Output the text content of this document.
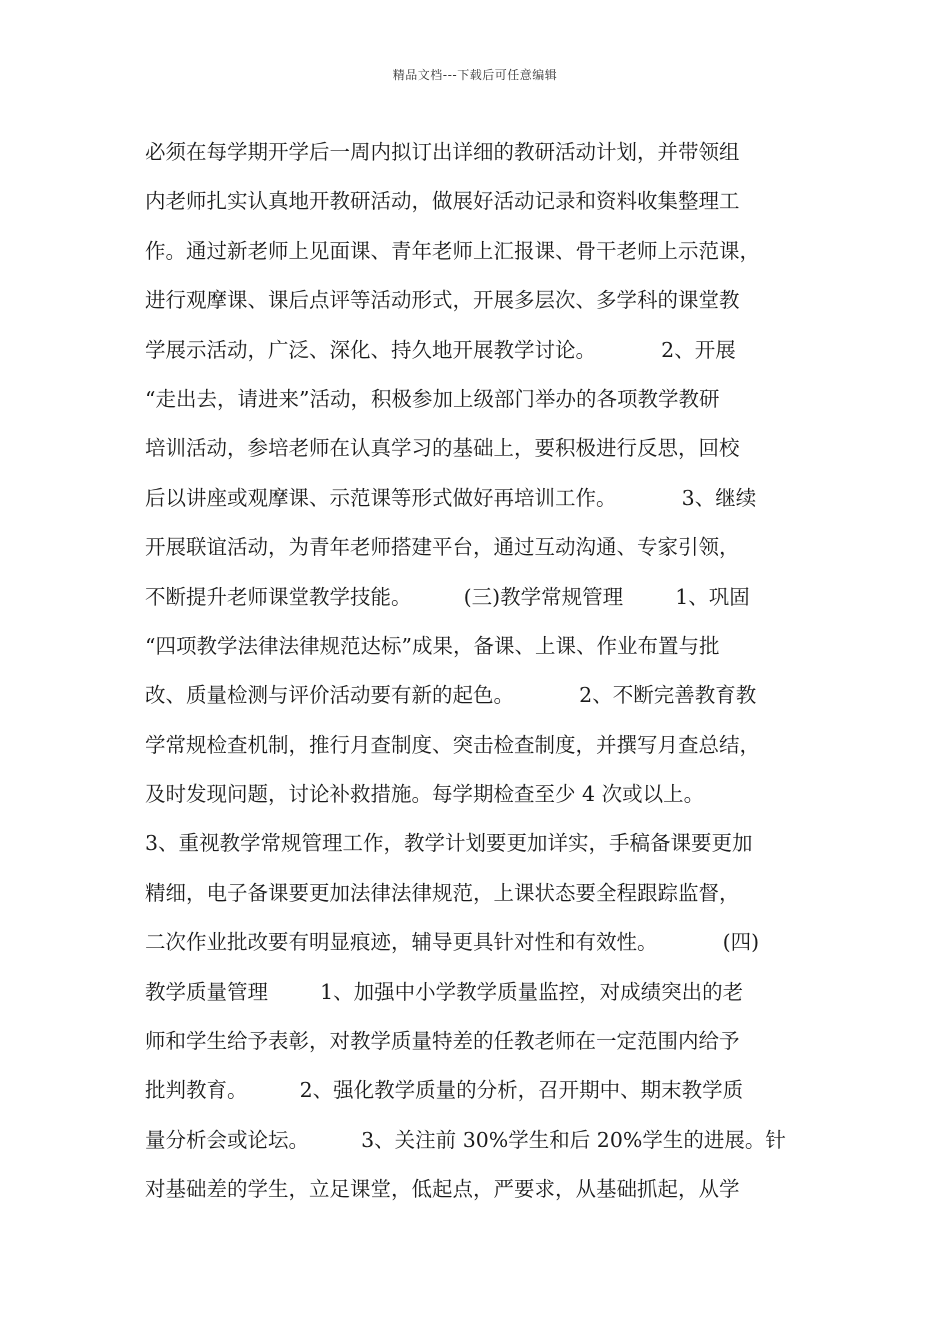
精品文档---下载后可任意编辑
必须在每学期开学后一周内拟订出详细的教研活动计划，并带领组
内老师扎实认真地开教研活动，做展好活动记录和资料收集整理工
作。通过新老师上见面课、青年老师上汇报课、骨干老师上示范课，
进行观摩课、课后点评等活动形式，开展多层次、多学科的课堂教
学展示活动，广泛、深化、持久地开展教学讨论。          2、开展
“走出去，请进来”活动，积极参加上级部门举办的各项教学教研
培训活动，参培老师在认真学习的基础上，要积极进行反思，回校
后以讲座或观摩课、示范课等形式做好再培训工作。          3、继续
开展联谊活动，为青年老师搭建平台，通过互动沟通、专家引领，
不断提升老师课堂教学技能。        (三)教学常规管理        1、巩固
“四项教学法律法律规范达标”成果，备课、上课、作业布置与批
改、质量检测与评价活动要有新的起色。          2、不断完善教育教
学常规检查机制，推行月查制度、突击检查制度，并撰写月查总结，
及时发现问题，讨论补救措施。每学期检查至少 4 次或以上。
3、重视教学常规管理工作，教学计划要更加详实，手稿备课要更加
精细，电子备课要更加法律法律规范，上课状态要全程跟踪监督，
二次作业批改要有明显痕迹，辅导更具针对性和有效性。          (四)
教学质量管理        1、加强中小学教学质量监控，对成绩突出的老
师和学生给予表彰，对教学质量特差的任教老师在一定范围内给予
批判教育。        2、强化教学质量的分析，召开期中、期末教学质
量分析会或论坛。        3、关注前 30%学生和后 20%学生的进展。针
对基础差的学生，立足课堂，低起点，严要求，从基础抓起，从学
